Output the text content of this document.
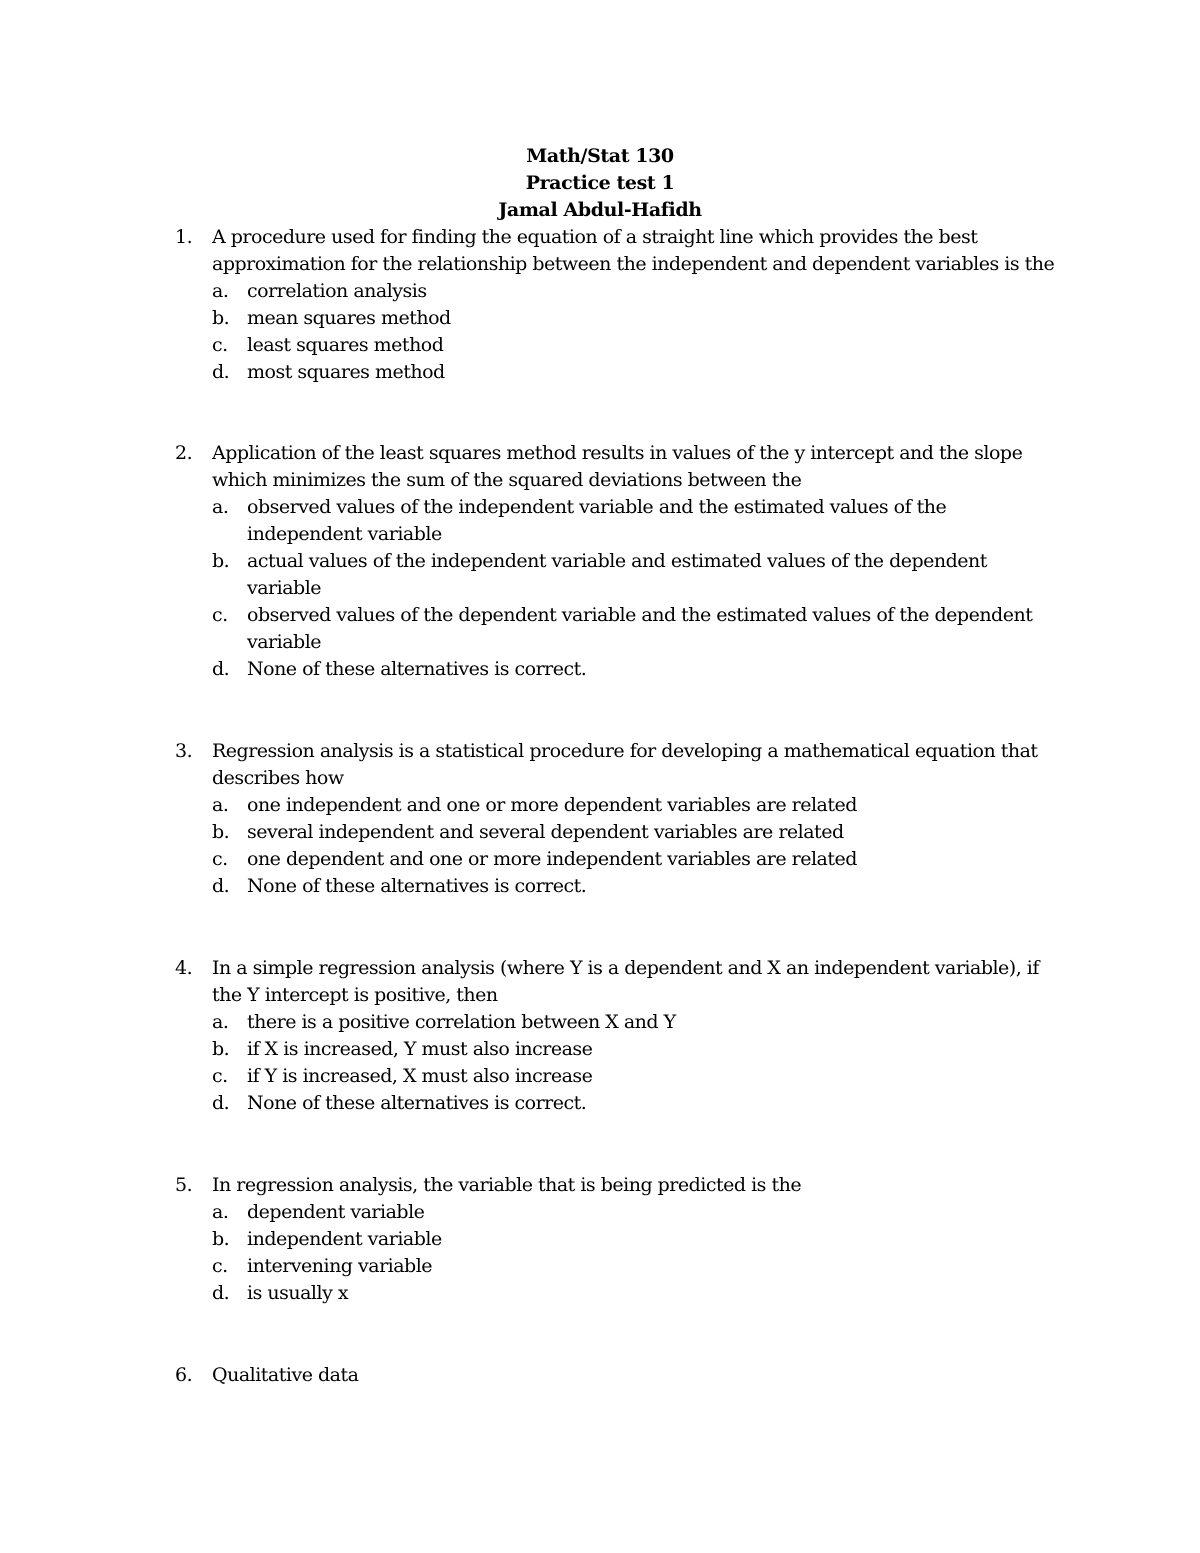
Math/Stat 130
Practice test 1
Jamal Abdul-Hafidh
1.	A procedure used for finding the equation of a straight line which provides the best approximation for the relationship between the independent and dependent variables is the
a. correlation analysis
b. mean squares method
c.	least squares method
d. most squares method
2.	Application of the least squares method results in values of the y intercept and the slope which minimizes the sum of the squared deviations between the
a. observed values of the independent variable and the estimated values of the independent variable
b. actual values of the independent variable and estimated values of the dependent variable
c.	observed values of the dependent variable and the estimated values of the dependent variable
d. None of these alternatives is correct.
3.	Regression analysis is a statistical procedure for developing a mathematical equation that describes how
a. one independent and one or more dependent variables are related
b. several independent and several dependent variables are related
c.	one dependent and one or more independent variables are related
d. None of these alternatives is correct.
4.	In a simple regression analysis (where Y is a dependent and X an independent variable), if the Y intercept is positive, then
a. there is a positive correlation between X and Y
b. if X is increased, Y must also increase
c.	if Y is increased, X must also increase
d. None of these alternatives is correct.
5.	In regression analysis, the variable that is being predicted is the
a. dependent variable
b. independent variable
c.	intervening variable
d. is usually x
6.	Qualitative data
